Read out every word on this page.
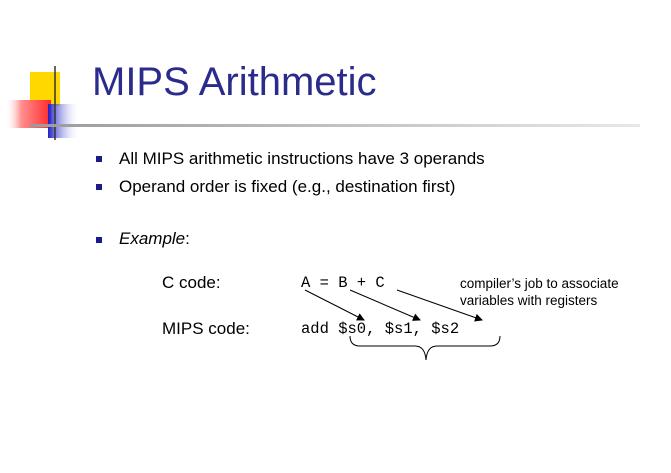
MIPS Arithmetic
All MIPS arithmetic instructions have 3 operands
Operand order is fixed (e.g., destination first)
Example:
C code:	A = B + C	compiler’s job to associate
variables with registers
MIPS code:	add $s0, $s1, $s2
